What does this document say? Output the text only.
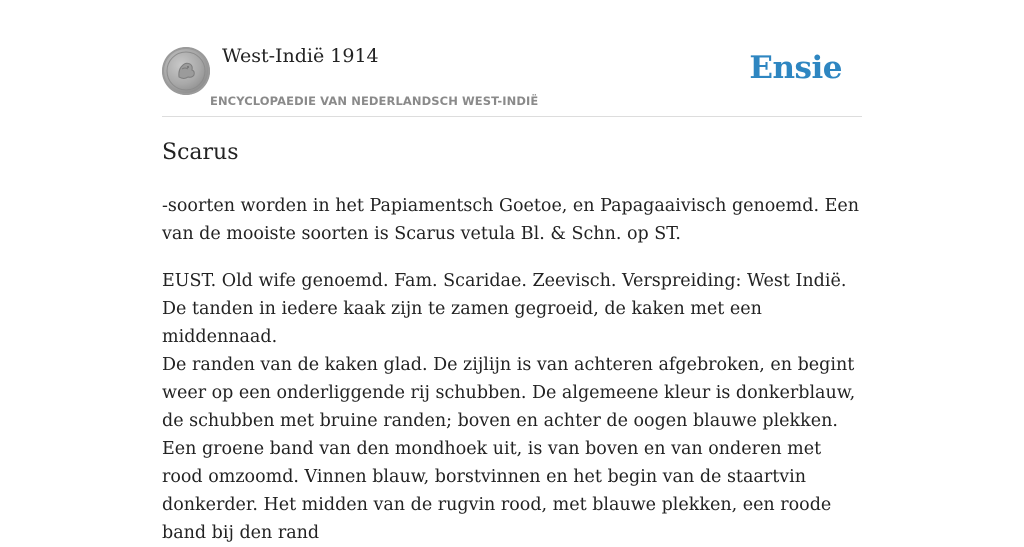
West-Indië 1914
ENCYCLOPAEDIE VAN NEDERLANDSCH WEST-INDIË
Ensie
Scarus

-soorten worden in het Papiamentsch Goetoe, en Papagaaivisch genoemd. Een van de mooiste soorten is Scarus vetula Bl. & Schn. op ST.

EUST. Old wife genoemd. Fam. Scaridae. Zeevisch. Verspreiding: West Indië. De tanden in iedere kaak zijn te zamen gegroeid, de kaken met een middennaad.

De randen van de kaken glad. De zijlijn is van achteren afgebroken, en begint weer op een onderliggende rij schubben. De algemeene kleur is donkerblauw, de schubben met bruine randen; boven en achter de oogen blauwe plekken. Een groene band van den mondhoek uit, is van boven en van onderen met rood omzoomd. Vinnen blauw, borstvinnen en het begin van de staartvin donkerder. Het midden van de rugvin rood, met blauwe plekken, een roode band bij den rand
